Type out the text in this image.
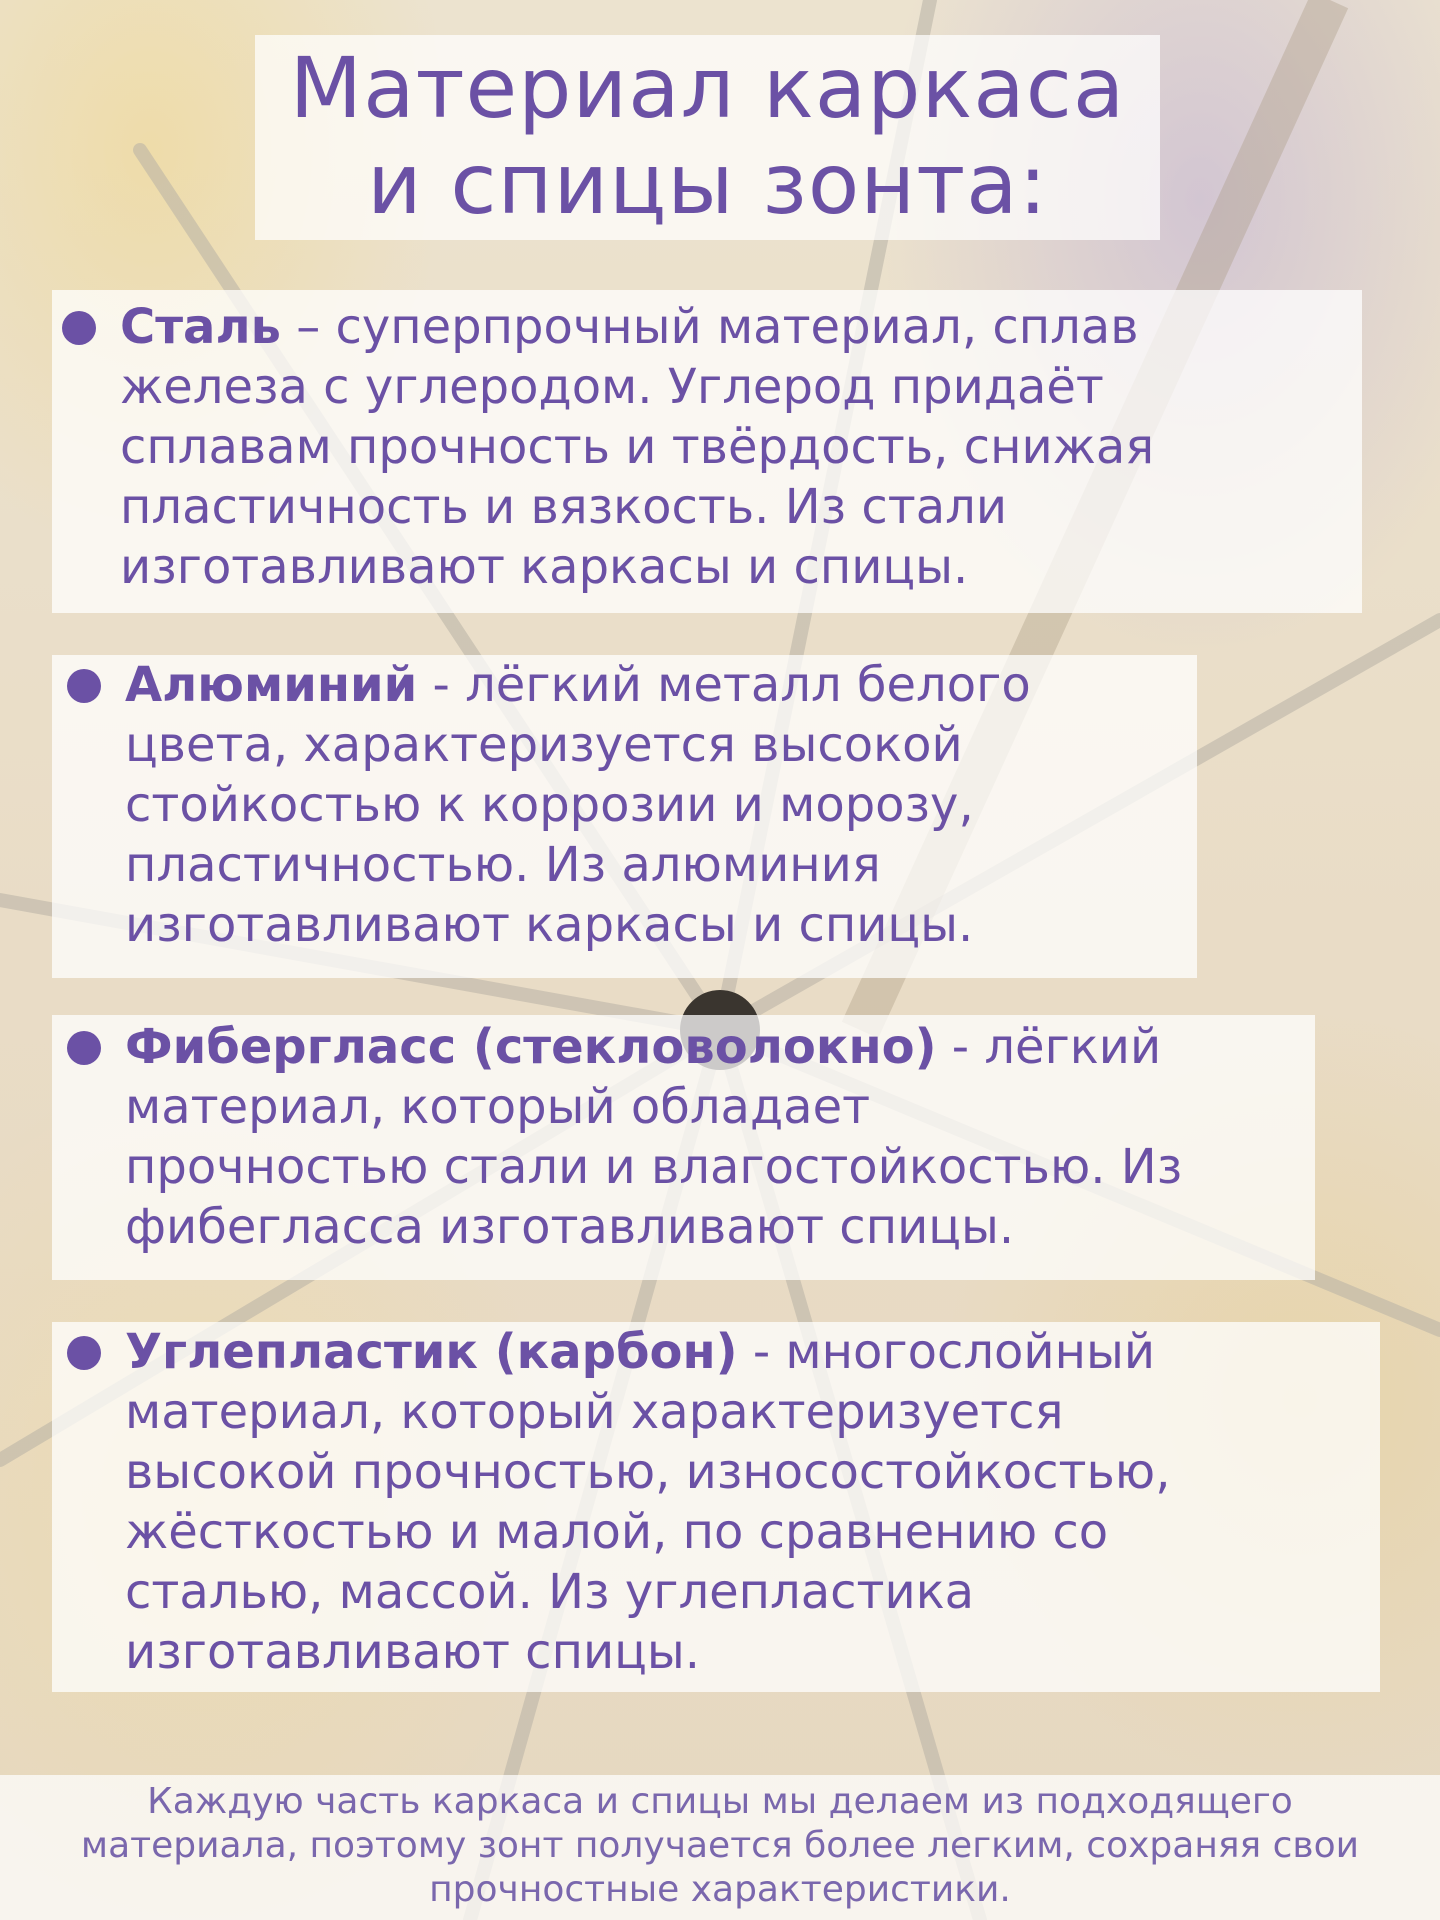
Материал каркаса
и спицы зонта:
Сталь – суперпрочный материал, сплав
железа с углеродом. Углерод придаёт
сплавам прочность и твёрдость, снижая
пластичность и вязкость. Из стали
изготавливают каркасы и спицы.
Алюминий - лёгкий металл белого
цвета, характеризуется высокой
стойкостью к коррозии и морозу,
пластичностью. Из алюминия
изготавливают каркасы и спицы.
Фибергласс (стекловолокно) - лёгкий
материал, который обладает
прочностью стали и влагостойкостью. Из
фибегласса изготавливают спицы.
Углепластик (карбон) - многослойный
материал, который характеризуется
высокой прочностью, износостойкостью,
жёсткостью и малой, по сравнению со
сталью, массой. Из углепластика
изготавливают спицы.
Каждую часть каркаса и спицы мы делаем из подходящего
материала, поэтому зонт получается более легким, сохраняя свои
прочностные характеристики.
